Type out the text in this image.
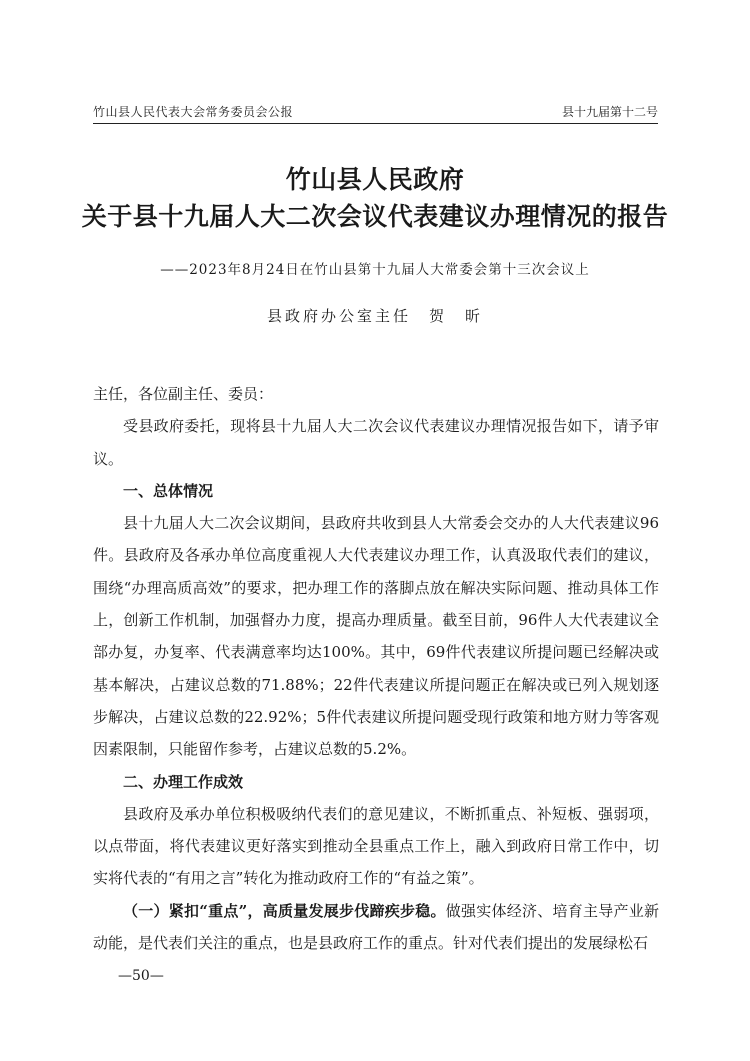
竹山县人民代表大会常务委员会公报	县十九届第十二号
竹山县人民政府
关于县十九届人大二次会议代表建议办理情况的报告
——2023年8月24日在竹山县第十九届人大常委会第十三次会议上
县政府办公室主任　贺　昕

主任，各位副主任、委员：

受县政府委托，现将县十九届人大二次会议代表建议办理情况报告如下，请予审议。

一、总体情况

县十九届人大二次会议期间，县政府共收到县人大常委会交办的人大代表建议96件。县政府及各承办单位高度重视人大代表建议办理工作，认真汲取代表们的建议，围绕“办理高质高效”的要求，把办理工作的落脚点放在解决实际问题、推动具体工作上，创新工作机制，加强督办力度，提高办理质量。截至目前，96件人大代表建议全部办复，办复率、代表满意率均达100%。其中，69件代表建议所提问题已经解决或基本解决，占建议总数的71.88%；22件代表建议所提问题正在解决或已列入规划逐步解决，占建议总数的22.92%；5件代表建议所提问题受现行政策和地方财力等客观因素限制，只能留作参考，占建议总数的5.2%。

二、办理工作成效

县政府及承办单位积极吸纳代表们的意见建议，不断抓重点、补短板、强弱项，以点带面，将代表建议更好落实到推动全县重点工作上，融入到政府日常工作中，切实将代表的“有用之言”转化为推动政府工作的“有益之策”。

（一）紧扣“重点”，高质量发展步伐蹄疾步稳。做强实体经济、培育主导产业新动能，是代表们关注的重点，也是县政府工作的重点。针对代表们提出的发展绿松石

—50—
